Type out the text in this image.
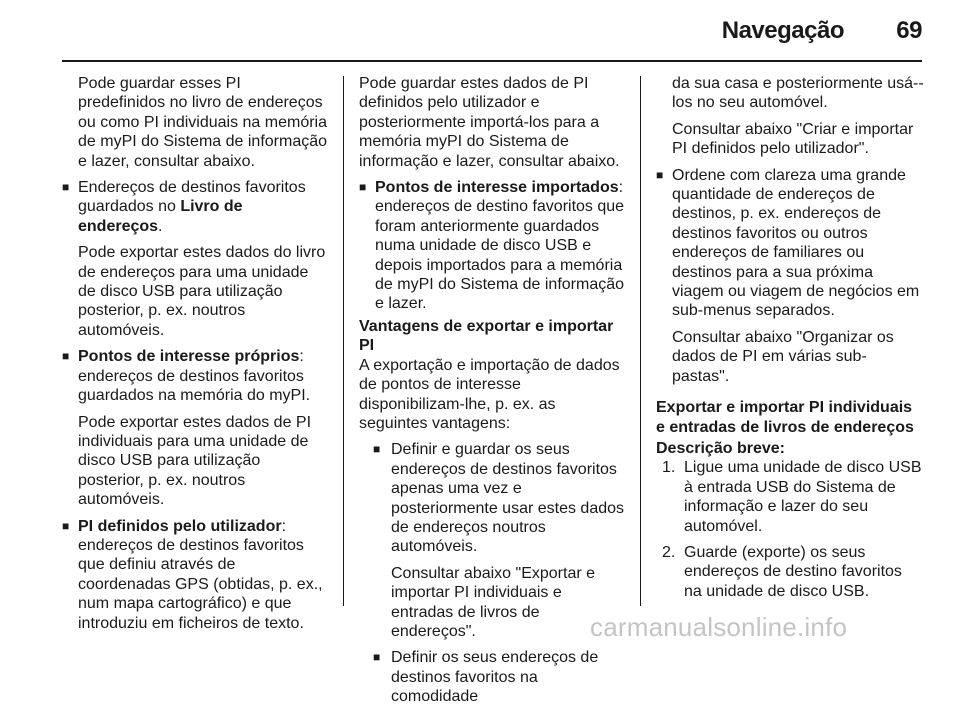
Navegação 69

Pode guardar esses PI predefinidos no livro de endereços ou como PI individuais na memória de myPI do Sistema de informação e lazer, consultar abaixo.

■ Endereços de destinos favoritos guardados no Livro de endereços.

Pode exportar estes dados do livro de endereços para uma unidade de disco USB para utilização posterior, p. ex. noutros automóveis.

■ Pontos de interesse próprios: endereços de destinos favoritos guardados na memória do myPI.

Pode exportar estes dados de PI individuais para uma unidade de disco USB para utilização posterior, p. ex. noutros automóveis.

■ PI definidos pelo utilizador: endereços de destinos favoritos que definiu através de coordenadas GPS (obtidas, p. ex., num mapa cartográfico) e que introduziu em ficheiros de texto.

Pode guardar estes dados de PI definidos pelo utilizador e posteriormente importá-los para a memória myPI do Sistema de informação e lazer, consultar abaixo.

■ Pontos de interesse importados: endereços de destino favoritos que foram anteriormente guardados numa unidade de disco USB e depois importados para a memória de myPI do Sistema de informação e lazer.

Vantagens de exportar e importar PI

A exportação e importação de dados de pontos de interesse disponibilizam-lhe, p. ex. as seguintes vantagens:

■ Definir e guardar os seus endereços de destinos favoritos apenas uma vez e posteriormente usar estes dados de endereços noutros automóveis.

Consultar abaixo "Exportar e importar PI individuais e entradas de livros de endereços".

■ Definir os seus endereços de destinos favoritos na comodidade

da sua casa e posteriormente usá--los no seu automóvel.

Consultar abaixo "Criar e importar PI definidos pelo utilizador".

■ Ordene com clareza uma grande quantidade de endereços de destinos, p. ex. endereços de destinos favoritos ou outros endereços de familiares ou destinos para a sua próxima viagem ou viagem de negócios em sub-menus separados.

Consultar abaixo "Organizar os dados de PI em várias sub-pastas".

Exportar e importar PI individuais e entradas de livros de endereços

Descrição breve:

1. Ligue uma unidade de disco USB à entrada USB do Sistema de informação e lazer do seu automóvel.

2. Guarde (exporte) os seus endereços de destino favoritos na unidade de disco USB.

carmanualsonline.info
